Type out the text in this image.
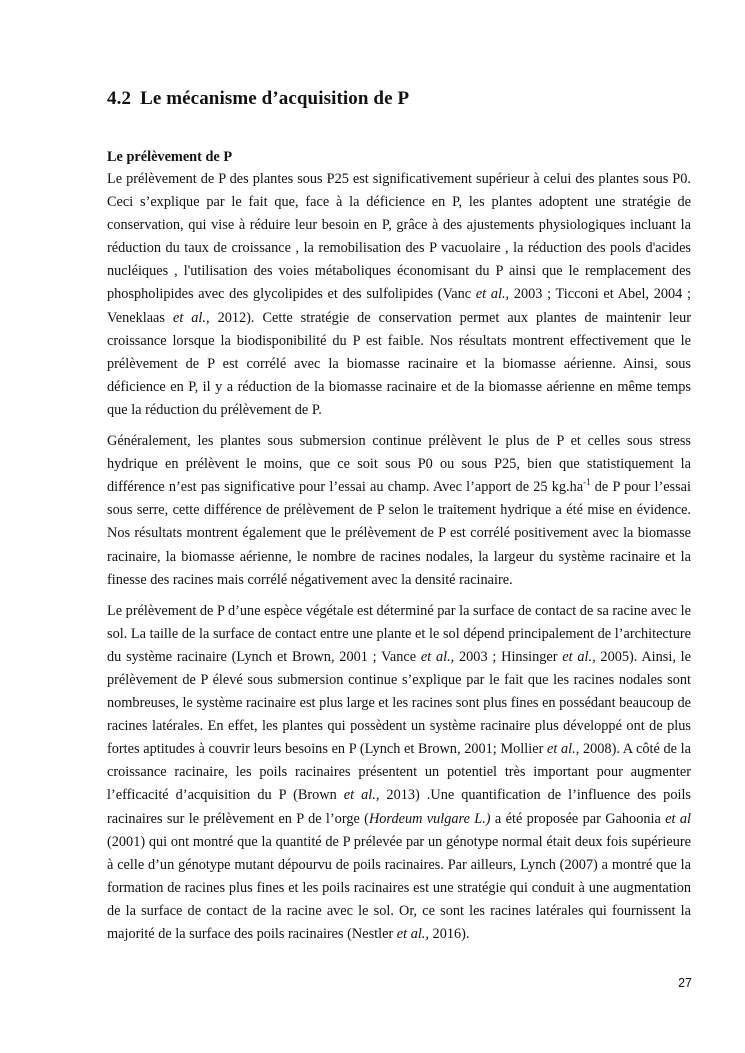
4.2 Le mécanisme d’acquisition de P
Le prélèvement de P

Le prélèvement de P des plantes sous P25 est significativement supérieur à celui des plantes sous P0. Ceci s’explique par le fait que, face à la déficience en P, les plantes adoptent une stratégie de conservation, qui vise à réduire leur besoin en P, grâce à des ajustements physiologiques incluant la réduction du taux de croissance , la remobilisation des P vacuolaire , la réduction des pools d'acides nucléiques , l'utilisation des voies métaboliques économisant du P ainsi que le remplacement des phospholipides avec des glycolipides et des sulfolipides (Vanc et al., 2003 ; Ticconi et Abel, 2004 ; Veneklaas et al., 2012). Cette stratégie de conservation permet aux plantes de maintenir leur croissance lorsque la biodisponibilité du P est faible. Nos résultats montrent effectivement que le prélèvement de P est corrélé avec la biomasse racinaire et la biomasse aérienne. Ainsi, sous déficience en P, il y a réduction de la biomasse racinaire et de la biomasse aérienne en même temps que la réduction du prélèvement de P.

Généralement, les plantes sous submersion continue prélèvent le plus de P et celles sous stress hydrique en prélèvent le moins, que ce soit sous P0 ou sous P25, bien que statistiquement la différence n’est pas significative pour l’essai au champ. Avec l’apport de 25 $kg.ha^{-1}$ de P pour l’essai sous serre, cette différence de prélèvement de P selon le traitement hydrique a été mise en évidence. Nos résultats montrent également que le prélèvement de P est corrélé positivement avec la biomasse racinaire, la biomasse aérienne, le nombre de racines nodales, la largeur du système racinaire et la finesse des racines mais corrélé négativement avec la densité racinaire.

Le prélèvement de P d’une espèce végétale est déterminé par la surface de contact de sa racine avec le sol. La taille de la surface de contact entre une plante et le sol dépend principalement de l’architecture du système racinaire (Lynch et Brown, 2001 ; Vance et al., 2003 ; Hinsinger et al., 2005). Ainsi, le prélèvement de P élevé sous submersion continue s’explique par le fait que les racines nodales sont nombreuses, le système racinaire est plus large et les racines sont plus fines en possédant beaucoup de racines latérales. En effet, les plantes qui possèdent un système racinaire plus développé ont de plus fortes aptitudes à couvrir leurs besoins en P (Lynch et Brown, 2001; Mollier et al., 2008). A côté de la croissance racinaire, les poils racinaires présentent un potentiel très important pour augmenter l’efficacité d’acquisition du P (Brown et al., 2013) .Une quantification de l’influence des poils racinaires sur le prélèvement en P de l’orge (Hordeum vulgare L.) a été proposée par Gahoonia et al (2001) qui ont montré que la quantité de P prélevée par un génotype normal était deux fois supérieure à celle d’un génotype mutant dépourvu de poils racinaires. Par ailleurs, Lynch (2007) a montré que la formation de racines plus fines et les poils racinaires est une stratégie qui conduit à une augmentation de la surface de contact de la racine avec le sol. Or, ce sont les racines latérales qui fournissent la majorité de la surface des poils racinaires (Nestler et al., 2016).

27
